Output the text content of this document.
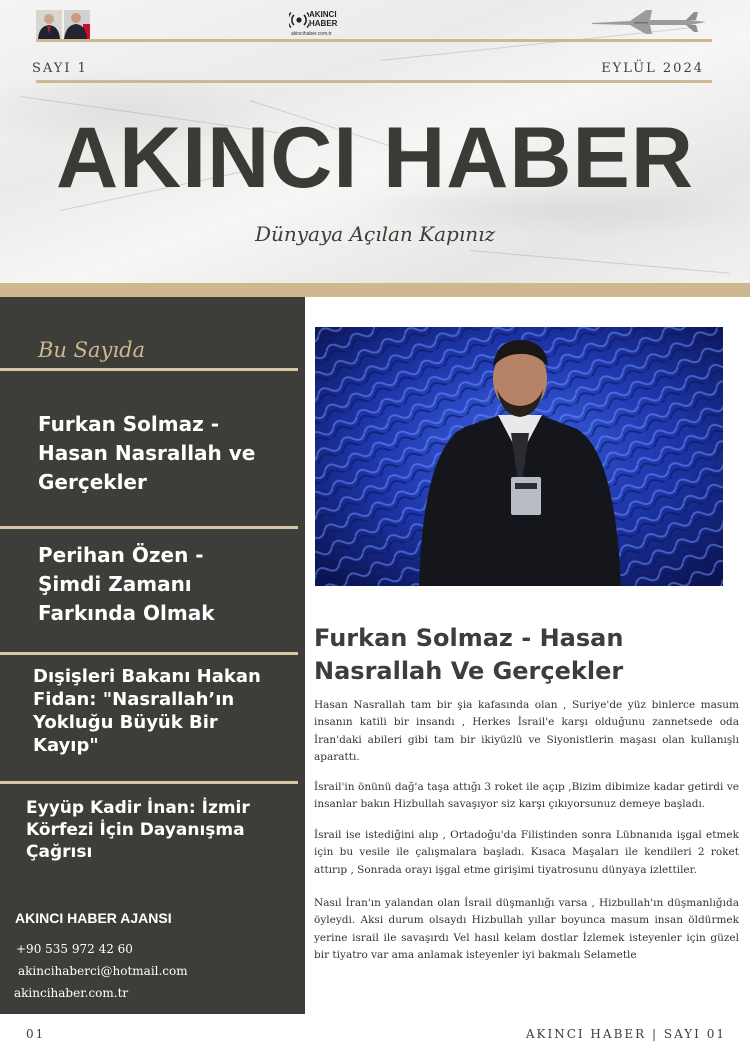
AKINCI
HABER
akincihaber.com.tr
SAYI 1	EYLÜL 2024
AKINCI HABER
Dünyaya Açılan Kapınız
Bu Sayıda
Furkan Solmaz -
Hasan Nasrallah ve
Gerçekler
Perihan Özen -
Şimdi Zamanı
Farkında Olmak
Dışişleri Bakanı Hakan
Fidan: "Nasrallah’ın
Yokluğu Büyük Bir
Kayıp"
Eyyüp Kadir İnan: İzmir
Körfezi İçin Dayanışma
Çağrısı
AKINCI HABER AJANSI
+90 535 972 42 60
akincihaberci@hotmail.com
akincihaber.com.tr
Furkan Solmaz - Hasan
Nasrallah Ve Gerçekler

Hasan Nasrallah tam bir şia kafasında olan , Suriye'de yüz binlerce masum insanın katili bir insandı , Herkes İsrail'e karşı olduğunu zannetsede oda İran'daki abileri gibi tam bir ikiyüzlü ve Siyonistlerin maşası olan kullanışlı aparattı.

İsrail'in önünü dağ'a taşa attığı 3 roket ile açıp ,Bizim dibimize kadar getirdi ve insanlar bakın Hizbullah savaşıyor siz karşı çıkıyorsunuz demeye başladı.

İsrail ise istediğini alıp , Ortadoğu'da Filistinden sonra Lübnanıda işgal etmek için bu vesile ile çalışmalara başladı. Kısaca Maşaları ile kendileri 2 roket attırıp , Sonrada orayı işgal etme girişimi tiyatrosunu dünyaya izlettiler.

Nasıl İran'ın yalandan olan İsrail düşmanlığı varsa , Hizbullah'ın düşmanlığıda öyleydi. Aksi durum olsaydı Hizbullah yıllar boyunca masum insan öldürmek yerine israil ile savaşırdı Vel hasıl kelam dostlar İzlemek isteyenler için güzel bir tiyatro var ama anlamak isteyenler iyi bakmalı Selametle

01	AKINCI HABER | SAYI 01
